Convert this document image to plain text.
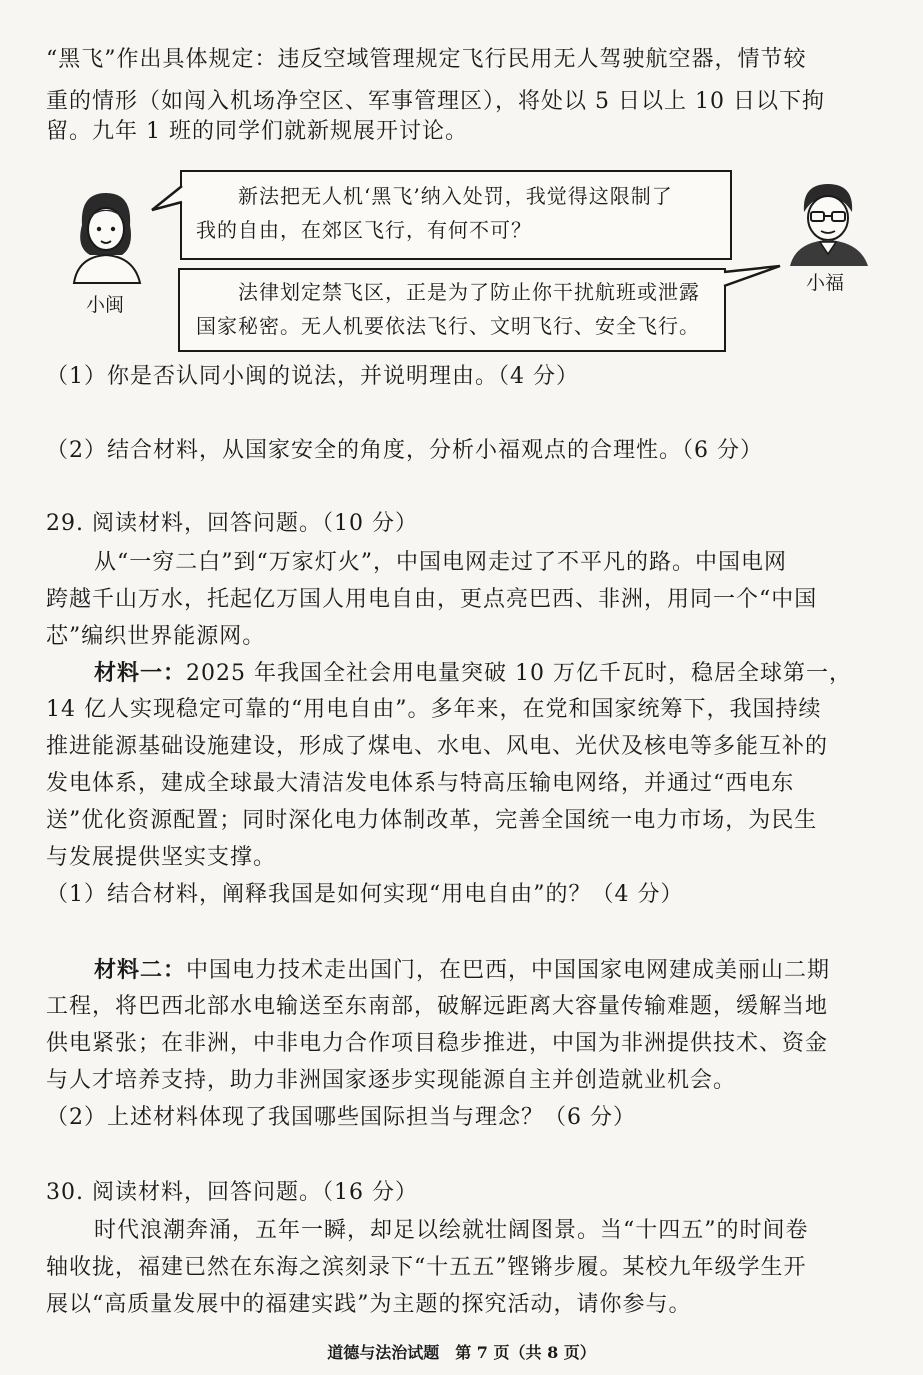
“黑飞”作出具体规定：违反空域管理规定飞行民用无人驾驶航空器，情节较
重的情形（如闯入机场净空区、军事管理区），将处以 5 日以上 10 日以下拘
留。九年 1 班的同学们就新规展开讨论。
小闽
新法把无人机‘黑飞’纳入处罚，我觉得这限制了
我的自由，在郊区飞行，有何不可？
法律划定禁飞区，正是为了防止你干扰航班或泄露
国家秘密。无人机要依法飞行、文明飞行、安全飞行。
小福
（1）你是否认同小闽的说法，并说明理由。（4 分）
（2）结合材料，从国家安全的角度，分析小福观点的合理性。（6 分）
29. 阅读材料，回答问题。（10 分）
从“一穷二白”到“万家灯火”，中国电网走过了不平凡的路。中国电网
跨越千山万水，托起亿万国人用电自由，更点亮巴西、非洲，用同一个“中国
芯”编织世界能源网。
材料一：2025 年我国全社会用电量突破 10 万亿千瓦时，稳居全球第一，
14 亿人实现稳定可靠的“用电自由”。多年来，在党和国家统筹下，我国持续
推进能源基础设施建设，形成了煤电、水电、风电、光伏及核电等多能互补的
发电体系，建成全球最大清洁发电体系与特高压输电网络，并通过“西电东
送”优化资源配置；同时深化电力体制改革，完善全国统一电力市场，为民生
与发展提供坚实支撑。
（1）结合材料，阐释我国是如何实现“用电自由”的？（4 分）
材料二：中国电力技术走出国门，在巴西，中国国家电网建成美丽山二期
工程，将巴西北部水电输送至东南部，破解远距离大容量传输难题，缓解当地
供电紧张；在非洲，中非电力合作项目稳步推进，中国为非洲提供技术、资金
与人才培养支持，助力非洲国家逐步实现能源自主并创造就业机会。
（2）上述材料体现了我国哪些国际担当与理念？（6 分）
30. 阅读材料，回答问题。（16 分）
时代浪潮奔涌，五年一瞬，却足以绘就壮阔图景。当“十四五”的时间卷
轴收拢，福建已然在东海之滨刻录下“十五五”铿锵步履。某校九年级学生开
展以“高质量发展中的福建实践”为主题的探究活动，请你参与。
道德与法治试题　第 7 页（共 8 页）
